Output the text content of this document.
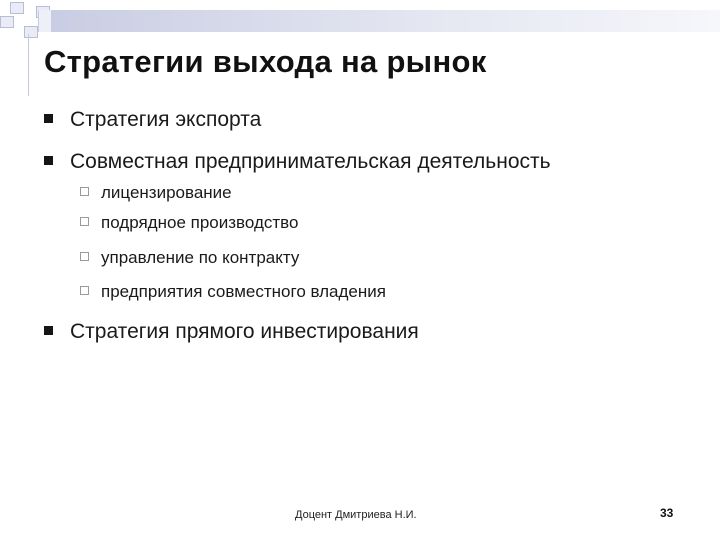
Стратегии выхода на рынок
Стратегия экспорта
Совместная предпринимательская деятельность
лицензирование
подрядное производство
управление по контракту
предприятия совместного владения
Стратегия прямого инвестирования
Доцент Дмитриева Н.И.	33
